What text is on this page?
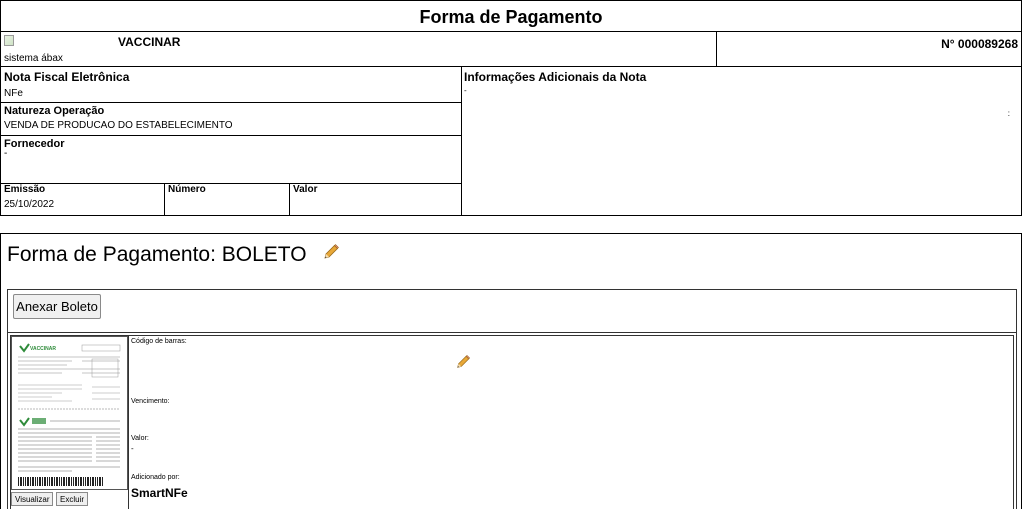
Forma de Pagamento
VACCINAR
sistema ábax
N° 000089268
Nota Fiscal Eletrônica
NFe
Natureza Operação
VENDA DE PRODUCAO DO ESTABELECIMENTO
Fornecedor
-
Emissão
25/10/2022
Número	Valor
Informações Adicionais da Nota
-
:
Forma de Pagamento: BOLETO
Anexar Boleto
VACCINAR
Visualizar	Excluir
Código de barras:
Vencimento:
Valor:
-
Adicionado por:
SmartNFe
